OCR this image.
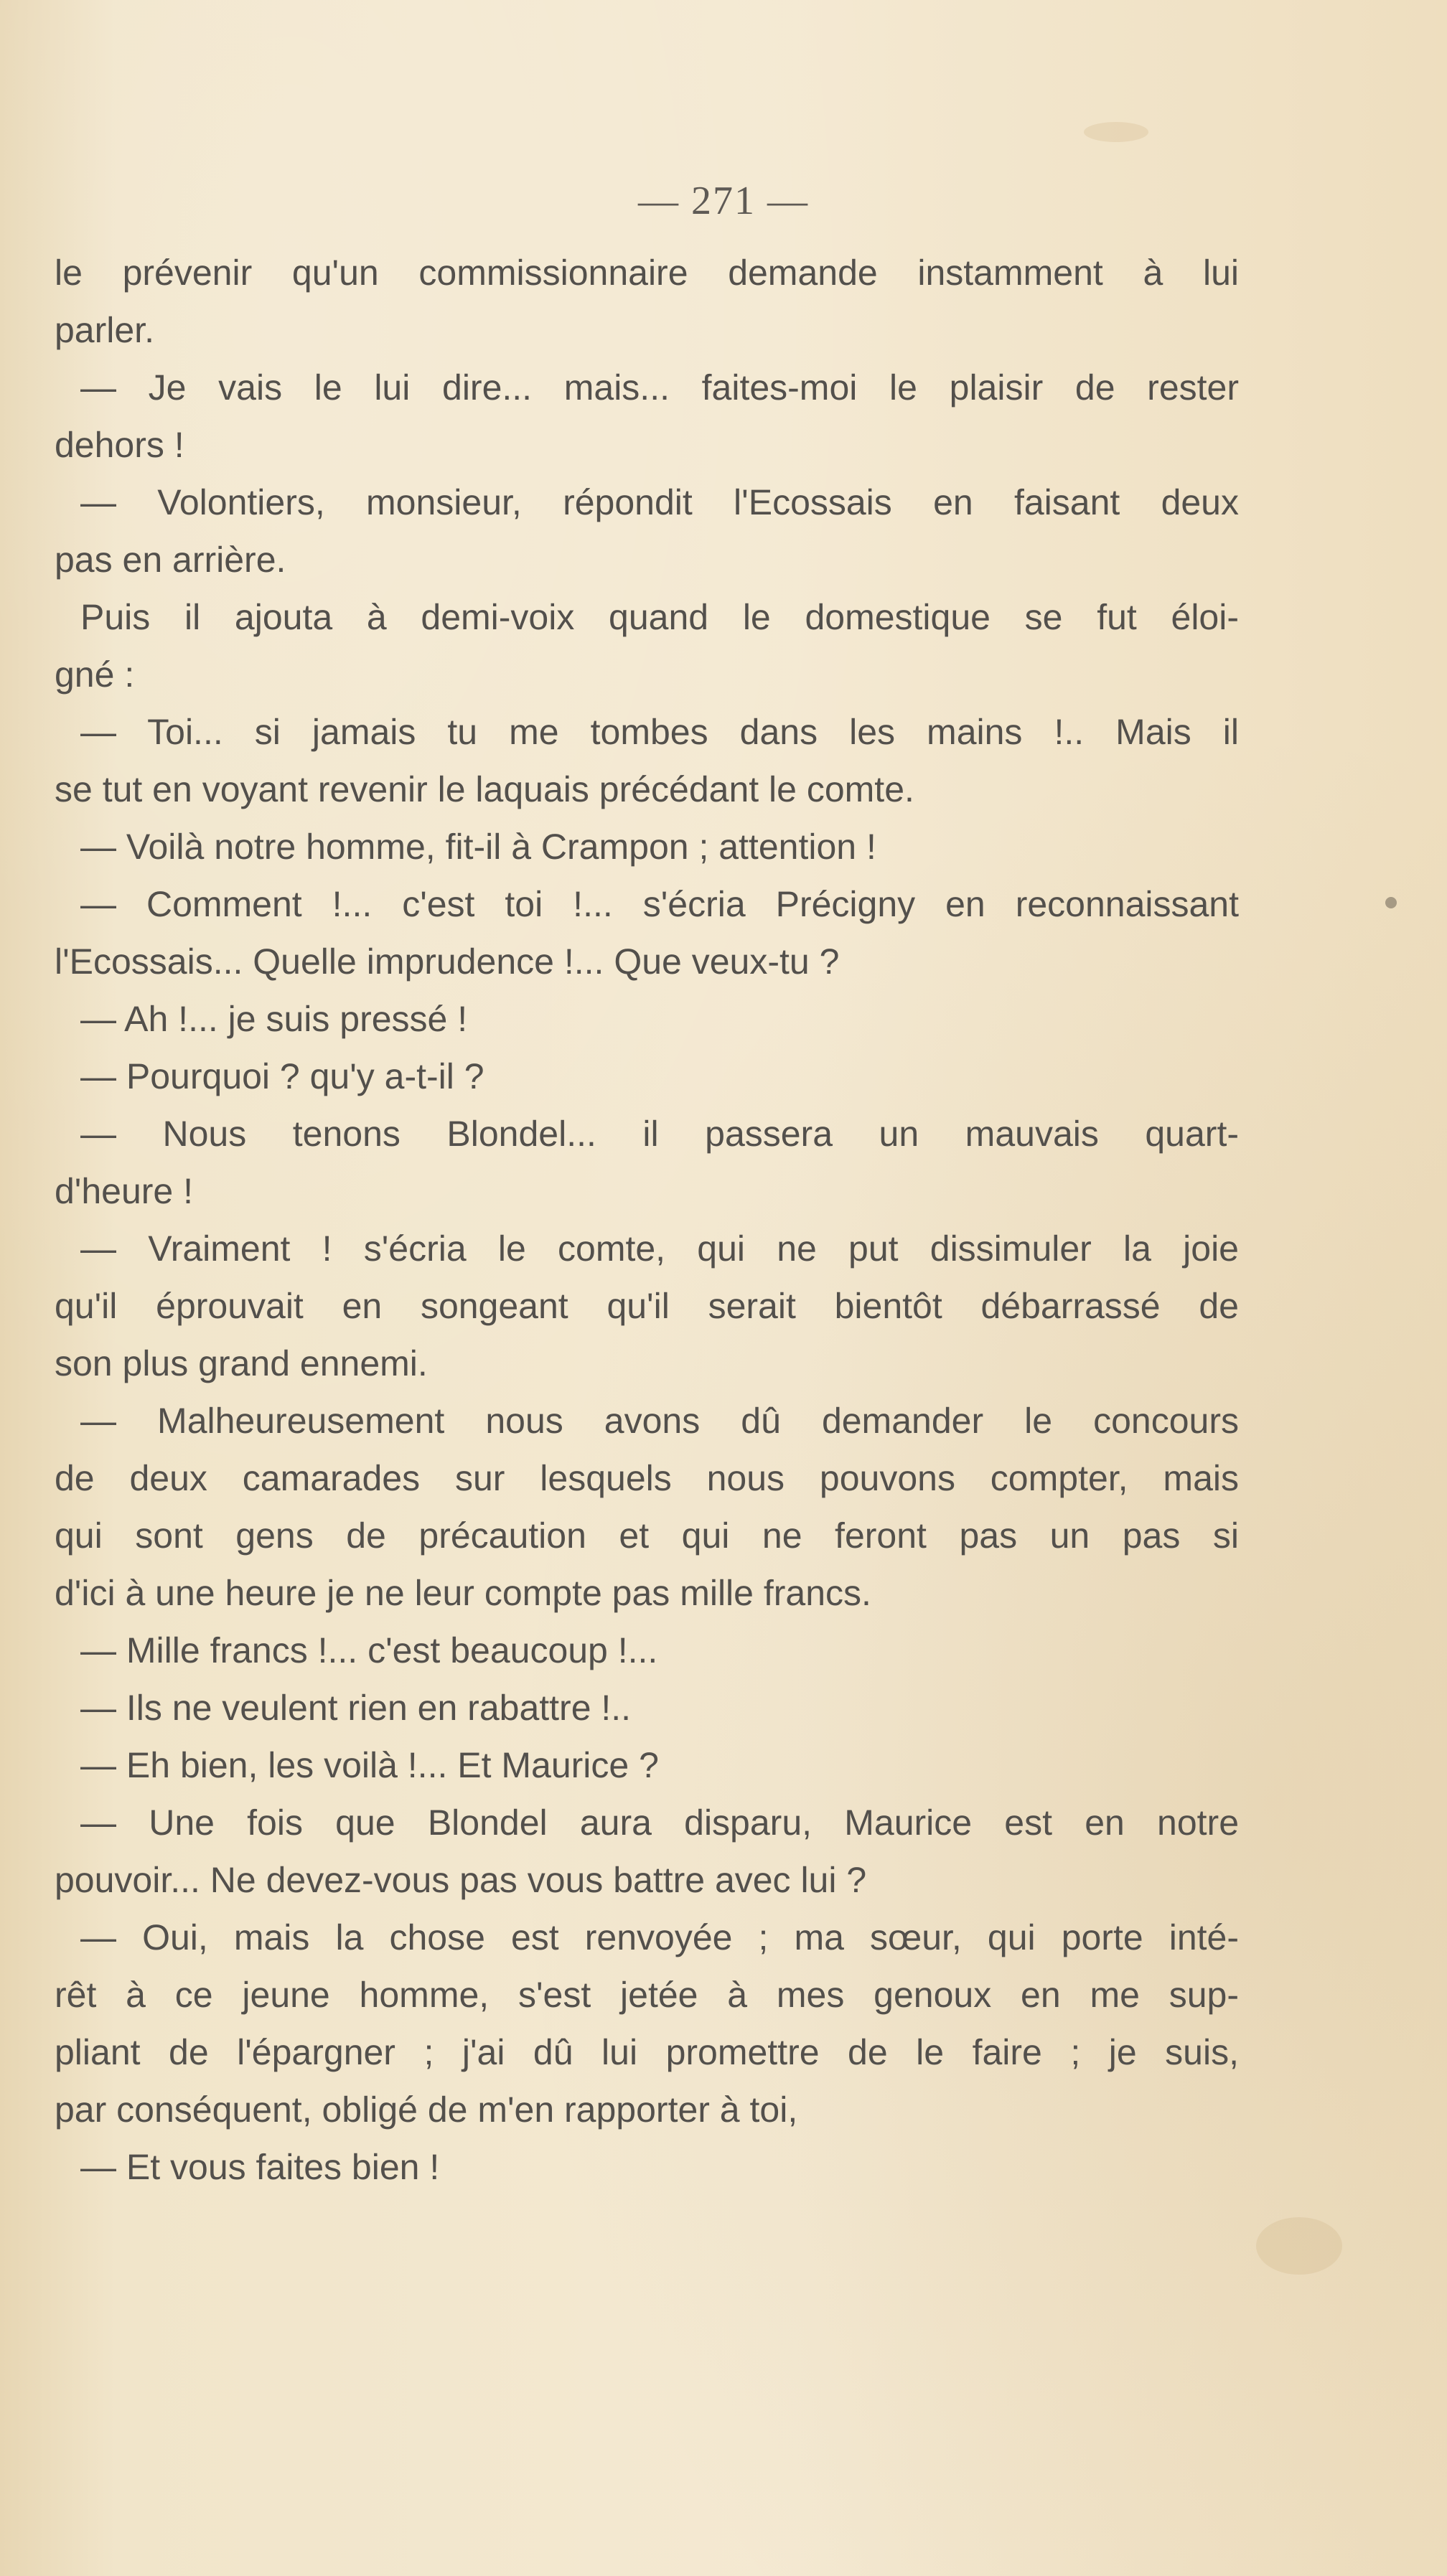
— 271 —
le prévenir qu'un commissionnaire demande instamment à lui
parler.
— Je vais le lui dire... mais... faites-moi le plaisir de rester
dehors !
— Volontiers, monsieur, répondit l'Ecossais en faisant deux
pas en arrière.
Puis il ajouta à demi-voix quand le domestique se fut éloi-
gné :
— Toi... si jamais tu me tombes dans les mains !.. Mais il
se tut en voyant revenir le laquais précédant le comte.
— Voilà notre homme, fit-il à Crampon ; attention !
— Comment !... c'est toi !... s'écria Précigny en reconnaissant
l'Ecossais... Quelle imprudence !... Que veux-tu ?
— Ah !... je suis pressé !
— Pourquoi ? qu'y a-t-il ?
— Nous tenons Blondel... il passera un mauvais quart-
d'heure !
— Vraiment ! s'écria le comte, qui ne put dissimuler la joie
qu'il éprouvait en songeant qu'il serait bientôt débarrassé de
son plus grand ennemi.
— Malheureusement nous avons dû demander le concours
de deux camarades sur lesquels nous pouvons compter, mais
qui sont gens de précaution et qui ne feront pas un pas si
d'ici à une heure je ne leur compte pas mille francs.
— Mille francs !... c'est beaucoup !...
— Ils ne veulent rien en rabattre !..
— Eh bien, les voilà !... Et Maurice ?
— Une fois que Blondel aura disparu, Maurice est en notre
pouvoir... Ne devez-vous pas vous battre avec lui ?
— Oui, mais la chose est renvoyée ; ma sœur, qui porte inté-
rêt à ce jeune homme, s'est jetée à mes genoux en me sup-
pliant de l'épargner ; j'ai dû lui promettre de le faire ; je suis,
par conséquent, obligé de m'en rapporter à toi,
— Et vous faites bien !
